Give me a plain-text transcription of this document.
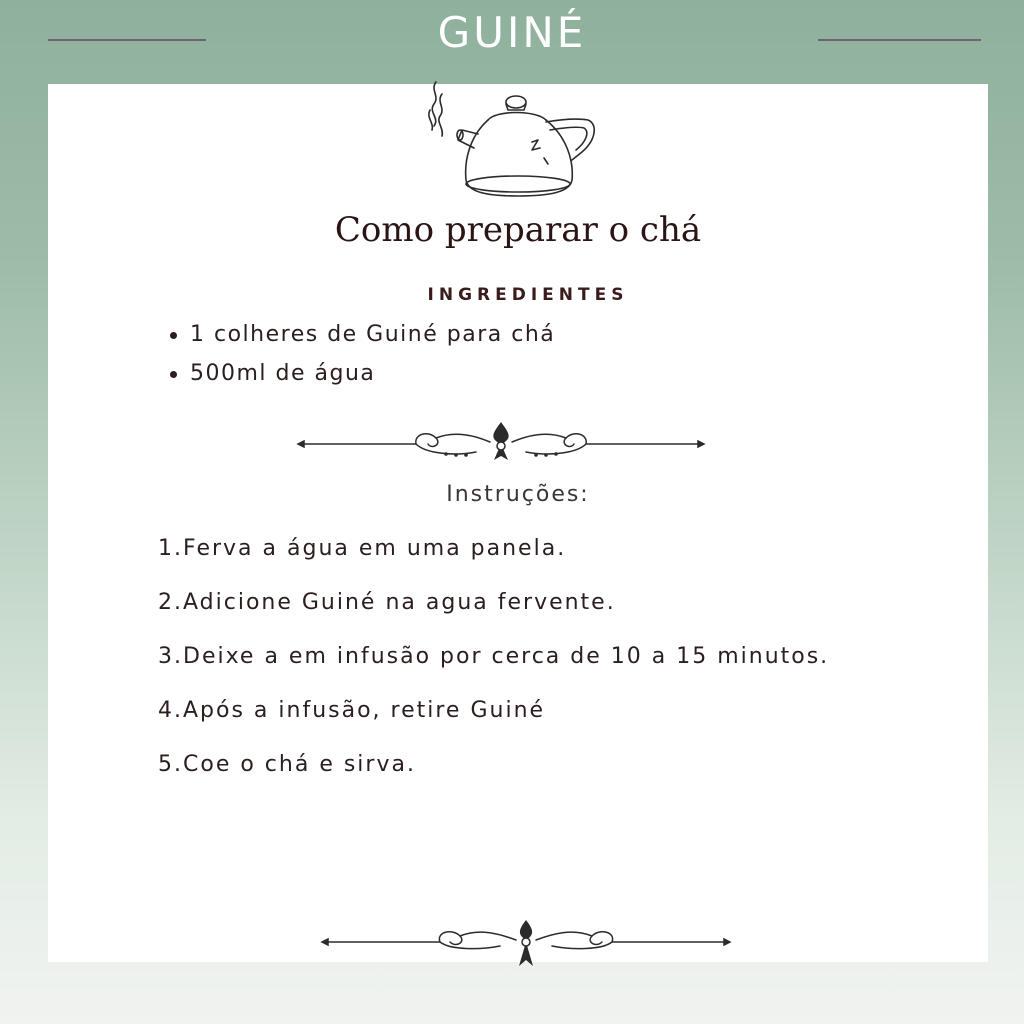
GUINÉ
Como preparar o chá
INGREDIENTES
1 colheres de Guiné para chá
500ml de água
Instruções:
1.Ferva a água em uma panela.
2.Adicione Guiné na agua fervente.
3.Deixe a em infusão por cerca de 10 a 15 minutos.
4.Após a infusão, retire Guiné
5.Coe o chá e sirva.
